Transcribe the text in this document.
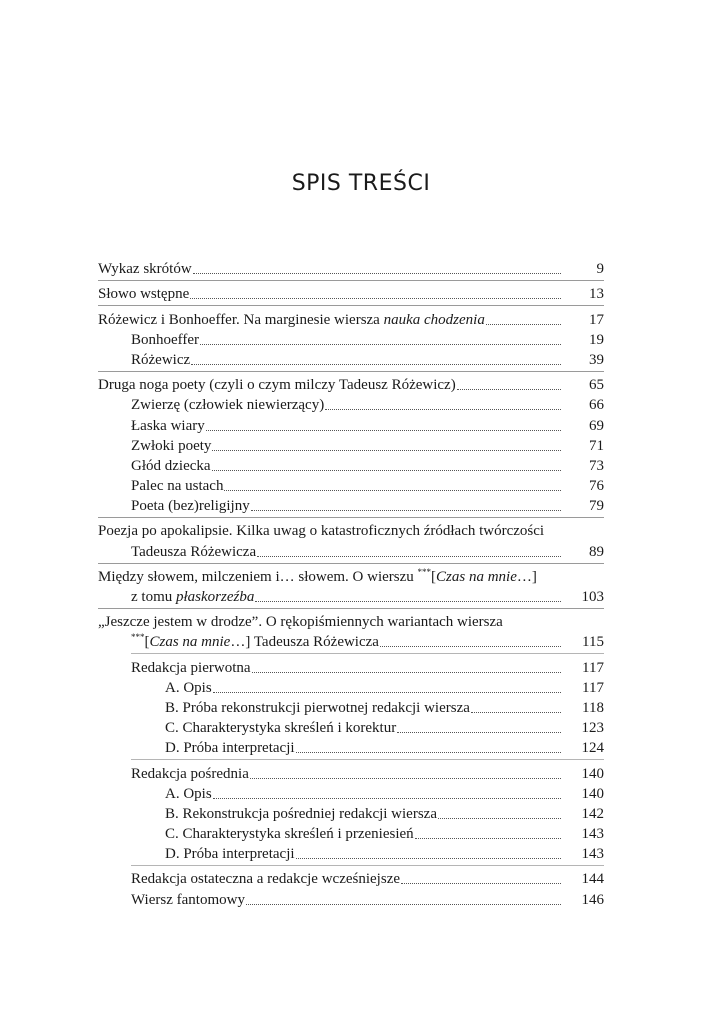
SPIS TREŚCI
Wykaz skrótów	9
Słowo wstępne	13
Różewicz i Bonhoeffer. Na marginesie wiersza nauka chodzenia	17
Bonhoeffer	19
Różewicz	39
Druga noga poety (czyli o czym milczy Tadeusz Różewicz)	65
Zwierzę (człowiek niewierzący)	66
Łaska wiary	69
Zwłoki poety	71
Głód dziecka	73
Palec na ustach	76
Poeta (bez)religijny	79
Poezja po apokalipsie. Kilka uwag o katastroficznych źródłach twórczości
Tadeusza Różewicza	89
Między słowem, milczeniem i… słowem. O wierszu ***[Czas na mnie…]
z tomu płaskorzeźba	103
„Jeszcze jestem w drodze”. O rękopiśmiennych wariantach wiersza
***[Czas na mnie…] Tadeusza Różewicza	115
Redakcja pierwotna	117
A. Opis	117
B. Próba rekonstrukcji pierwotnej redakcji wiersza	118
C. Charakterystyka skreśleń i korektur	123
D. Próba interpretacji	124
Redakcja pośrednia	140
A. Opis	140
B. Rekonstrukcja pośredniej redakcji wiersza	142
C. Charakterystyka skreśleń i przeniesień	143
D. Próba interpretacji	143
Redakcja ostateczna a redakcje wcześniejsze	144
Wiersz fantomowy	146
